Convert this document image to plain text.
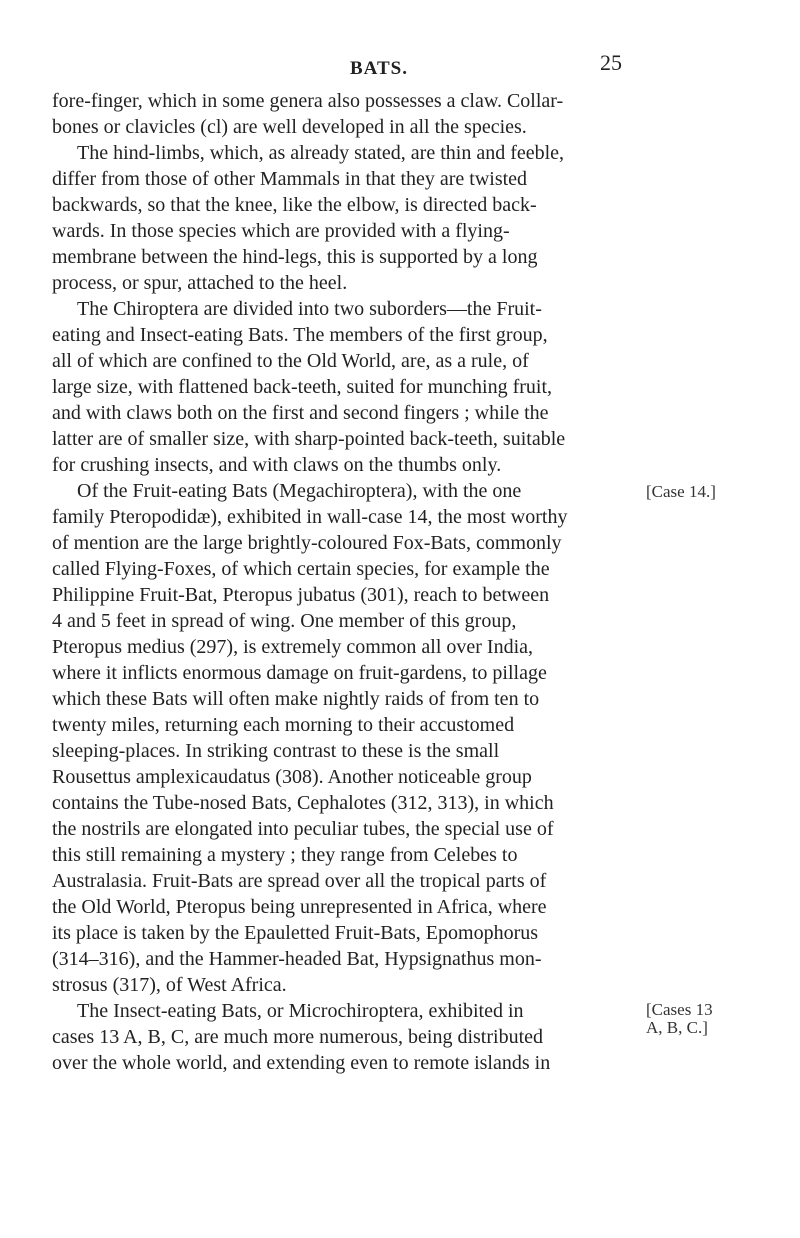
BATS.	25
fore-finger, which in some genera also possesses a claw. Collar-
bones or clavicles (cl) are well developed in all the species.
The hind-limbs, which, as already stated, are thin and feeble,
differ from those of other Mammals in that they are twisted
backwards, so that the knee, like the elbow, is directed back-
wards. In those species which are provided with a flying-
membrane between the hind-legs, this is supported by a long
process, or spur, attached to the heel.
The Chiroptera are divided into two suborders—the Fruit-
eating and Insect-eating Bats. The members of the first group,
all of which are confined to the Old World, are, as a rule, of
large size, with flattened back-teeth, suited for munching fruit,
and with claws both on the first and second fingers ; while the
latter are of smaller size, with sharp-pointed back-teeth, suitable
for crushing insects, and with claws on the thumbs only.
Of the Fruit-eating Bats (Megachiroptera), with the one
family Pteropodidæ), exhibited in wall-case 14, the most worthy
of mention are the large brightly-coloured Fox-Bats, commonly
called Flying-Foxes, of which certain species, for example the
Philippine Fruit-Bat, Pteropus jubatus (301), reach to between
4 and 5 feet in spread of wing. One member of this group,
Pteropus medius (297), is extremely common all over India,
where it inflicts enormous damage on fruit-gardens, to pillage
which these Bats will often make nightly raids of from ten to
twenty miles, returning each morning to their accustomed
sleeping-places. In striking contrast to these is the small
Rousettus amplexicaudatus (308). Another noticeable group
contains the Tube-nosed Bats, Cephalotes (312, 313), in which
the nostrils are elongated into peculiar tubes, the special use of
this still remaining a mystery ; they range from Celebes to
Australasia. Fruit-Bats are spread over all the tropical parts of
the Old World, Pteropus being unrepresented in Africa, where
its place is taken by the Epauletted Fruit-Bats, Epomophorus
(314–316), and the Hammer-headed Bat, Hypsignathus mon-
strosus (317), of West Africa.
The Insect-eating Bats, or Microchiroptera, exhibited in
cases 13 A, B, C, are much more numerous, being distributed
over the whole world, and extending even to remote islands in
[Case 14.]
[Cases 13
A, B, C.]
